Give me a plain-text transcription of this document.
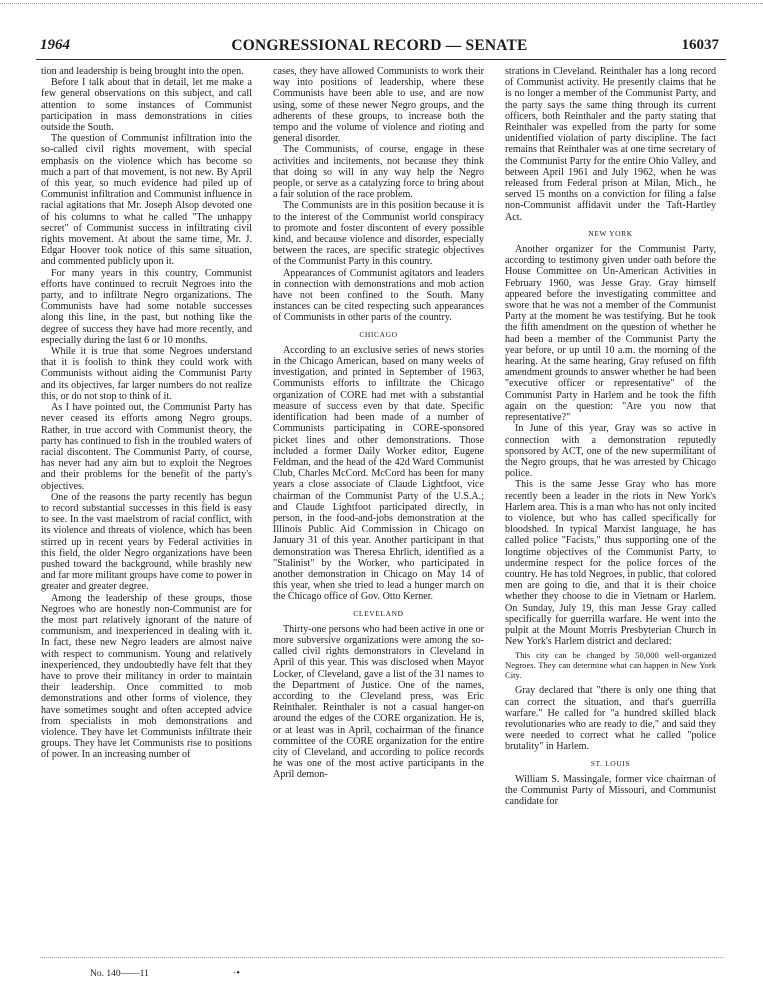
CONGRESSIONAL RECORD — SENATE
1964	16037

tion and leadership is being brought into the open.

Before I talk about that in detail, let me make a few general observations on this subject, and call attention to some instances of Communist participation in mass demonstrations in cities outside the South.

The question of Communist infiltration into the so-called civil rights movement, with special emphasis on the violence which has become so much a part of that movement, is not new. By April of this year, so much evidence had piled up of Communist infiltration and Communist influence in racial agitations that Mr. Joseph Alsop devoted one of his columns to what he called "The unhappy secret" of Communist success in infiltrating civil rights movement. At about the same time, Mr. J. Edgar Hoover took notice of this same situation, and commented publicly upon it.

For many years in this country, Communist efforts have continued to recruit Negroes into the party, and to infiltrate Negro organizations. The Communists have had some notable successes along this line, in the past, but nothing like the degree of success they have had more recently, and especially during the last 6 or 10 months.

While it is true that some Negroes understand that it is foolish to think they could work with Communists without aiding the Communist Party and its objectives, far larger numbers do not realize this, or do not stop to think of it.

As I have pointed out, the Communist Party has never ceased its efforts among Negro groups. Rather, in true accord with Communist theory, the party has continued to fish in the troubled waters of racial discontent. The Communist Party, of course, has never had any aim but to exploit the Negroes and their problems for the benefit of the party's objectives.

One of the reasons the party recently has begun to record substantial successes in this field is easy to see. In the vast maelstrom of racial conflict, with its violence and threats of violence, which has been stirred up in recent years by Federal activities in this field, the older Negro organizations have been pushed toward the background, while brashly new and far more militant groups have come to power in greater and greater degree.

Among the leadership of these groups, those Negroes who are honestly non-Communist are for the most part relatively ignorant of the nature of communism, and inexperienced in dealing with it. In fact, these new Negro leaders are almost naive with respect to communism. Young and relatively inexperienced, they undoubtedly have felt that they have to prove their militancy in order to maintain their leadership. Once committed to mob demonstrations and other forms of violence, they have sometimes sought and often accepted advice from specialists in mob demonstrations and violence. They have let Communists infiltrate their groups. They have let Communists rise to positions of power. In an increasing number of

cases, they have allowed Communists to work their way into positions of leadership, where these Communists have been able to use, and are now using, some of these newer Negro groups, and the adherents of these groups, to increase both the tempo and the volume of violence and rioting and general disorder.

The Communists, of course, engage in these activities and incitements, not because they think that doing so will in any way help the Negro people, or serve as a catalyzing force to bring about a fair solution of the race problem.

The Communists are in this position because it is to the interest of the Communist world conspiracy to promote and foster discontent of every possible kind, and because violence and disorder, especially between the races, are specific strategic objectives of the Communist Party in this country.

Appearances of Communist agitators and leaders in connection with demonstrations and mob action have not been confined to the South. Many instances can be cited respecting such appearances of Communists in other parts of the country.

CHICAGO

According to an exclusive series of news stories in the Chicago American, based on many weeks of investigation, and printed in September of 1963, Communists efforts to infiltrate the Chicago organization of CORE had met with a substantial measure of success even by that date. Specific identification had been made of a number of Communists participating in CORE-sponsored picket lines and other demonstrations. Those included a former Daily Worker editor, Eugene Feldman, and the head of the 42d Ward Communist Club, Charles McCord. McCord has been for many years a close associate of Claude Lightfoot, vice chairman of the Communist Party of the U.S.A.; and Claude Lightfoot participated directly, in person, in the food-and-jobs demonstration at the Illinois Public Aid Commission in Chicago on January 31 of this year. Another participant in that demonstration was Theresa Ehrlich, identified as a "Stalinist" by the Worker, who participated in another demonstration in Chicago on May 14 of this year, when she tried to lead a hunger march on the Chicago office of Gov. Otto Kerner.

CLEVELAND

Thirty-one persons who had been active in one or more subversive organizations were among the so-called civil rights demonstrators in Cleveland in April of this year. This was disclosed when Mayor Locker, of Cleveland, gave a list of the 31 names to the Department of Justice. One of the names, according to the Cleveland press, was Eric Reinthaler. Reinthaler is not a casual hanger-on around the edges of the CORE organization. He is, or at least was in April, cochairman of the finance committee of the CORE organization for the entire city of Cleveland, and according to police records he was one of the most active participants in the April demon-

strations in Cleveland. Reinthaler has a long record of Communist activity. He presently claims that he is no longer a member of the Communist Party, and the party says the same thing through its current officers, both Reinthaler and the party stating that Reinthaler was expelled from the party for some unidentified violation of party discipline. The fact remains that Reinthaler was at one time secretary of the Communist Party for the entire Ohio Valley, and between April 1961 and July 1962, when he was released from Federal prison at Milan, Mich., he served 15 months on a conviction for filing a false non-Communist affidavit under the Taft-Hartley Act.

NEW YORK

Another organizer for the Communist Party, according to testimony given under oath before the House Committee on Un-American Activities in February 1960, was Jesse Gray. Gray himself appeared before the investigating committee and swore that he was not a member of the Communist Party at the moment he was testifying. But he took the fifth amendment on the question of whether he had been a member of the Communist Party the year before, or up until 10 a.m. the morning of the hearing. At the same hearing, Gray refused on fifth amendment grounds to answer whether he had been "executive officer or representative" of the Communist Party in Harlem and he took the fifth again on the question: "Are you now that representative?"

In June of this year, Gray was so active in connection with a demonstration reputedly sponsored by ACT, one of the new supermilitant of the Negro groups, that he was arrested by Chicago police.

This is the same Jesse Gray who has more recently been a leader in the riots in New York's Harlem area. This is a man who has not only incited to violence, but who has called specifically for bloodshed. In typical Marxist language, he has called police "Facists," thus supporting one of the longtime objectives of the Communist Party, to undermine respect for the police forces of the country. He has told Negroes, in public, that colored men are going to die, and that it is their choice whether they choose to die in Vietnam or Harlem. On Sunday, July 19, this man Jesse Gray called specifically for guerrilla warfare. He went into the pulpit at the Mount Morris Presbyterian Church in New York's Harlem district and declared:

This city can be changed by 50,000 well-organized Negroes. They can determine what can happen in New York City.

Gray declared that "there is only one thing that can correct the situation, and that's guerrilla warfare." He called for "a hundred skilled black revolutionaries who are ready to die," and said they were needed to correct what he called "police brutality" in Harlem.

ST. LOUIS

William S. Massingale, former vice chairman of the Communist Party of Missouri, and Communist candidate for

No. 140——11	·•
